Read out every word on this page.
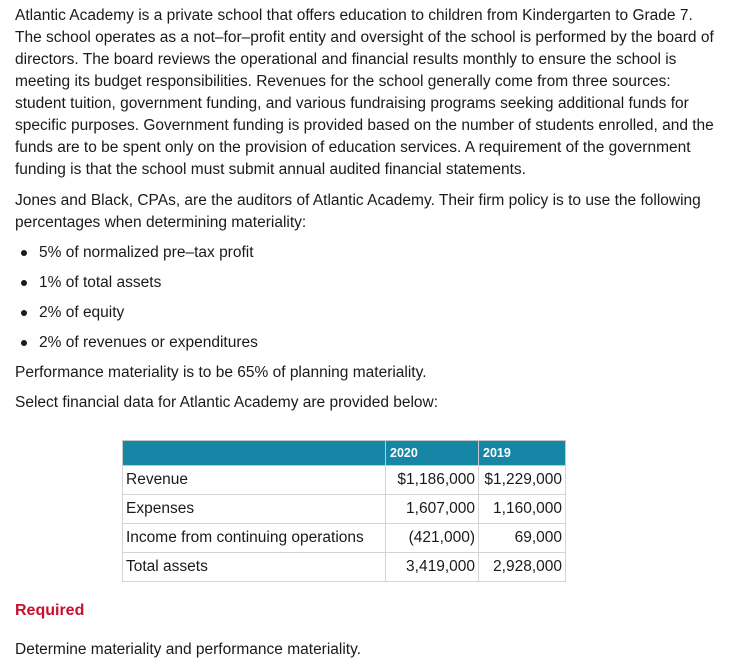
Atlantic Academy is a private school that offers education to children from Kindergarten to Grade 7. The school operates as a not–for–profit entity and oversight of the school is performed by the board of directors. The board reviews the operational and financial results monthly to ensure the school is meeting its budget responsibilities. Revenues for the school generally come from three sources: student tuition, government funding, and various fundraising programs seeking additional funds for specific purposes. Government funding is provided based on the number of students enrolled, and the funds are to be spent only on the provision of education services. A requirement of the government funding is that the school must submit annual audited financial statements.

Jones and Black, CPAs, are the auditors of Atlantic Academy. Their firm policy is to use the following percentages when determining materiality:

5% of normalized pre–tax profit
1% of total assets
2% of equity
2% of revenues or expenditures

Performance materiality is to be 65% of planning materiality.

Select financial data for Atlantic Academy are provided below:

	2020	2019
Revenue	$1,186,000	$1,229,000
Expenses	1,607,000	1,160,000
Income from continuing operations	(421,000)	69,000
Total assets	3,419,000	2,928,000
Required
Determine materiality and performance materiality.
